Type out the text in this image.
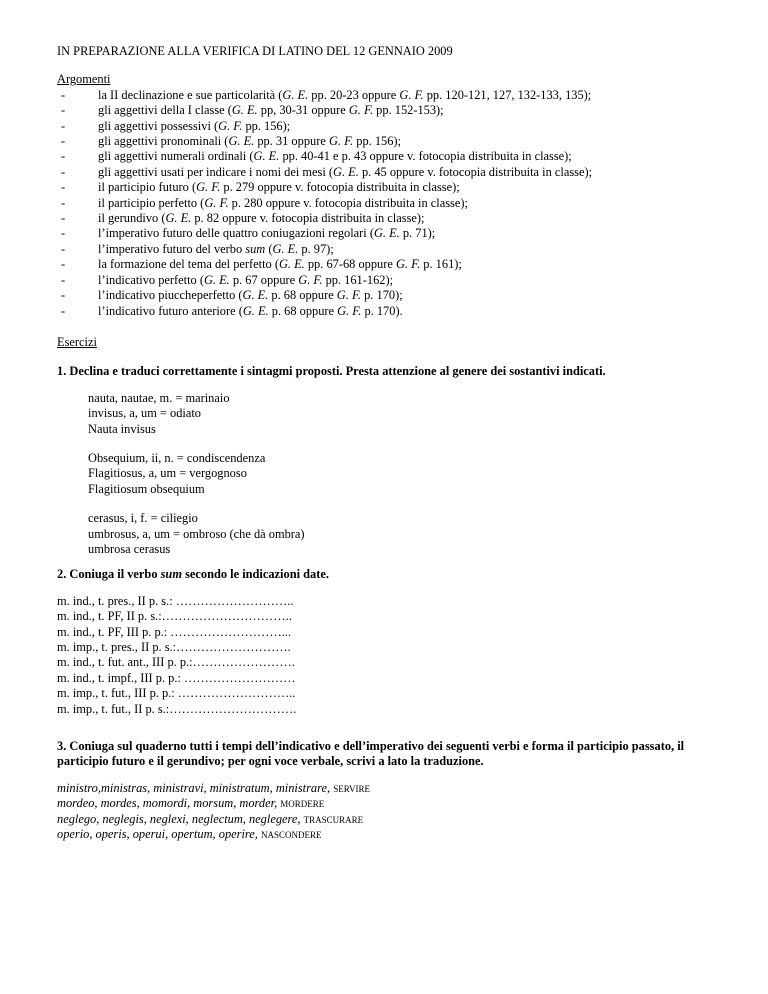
IN PREPARAZIONE ALLA VERIFICA DI LATINO DEL 12 GENNAIO 2009
Argomenti
-	la II declinazione e sue particolarità (G. E. pp. 20-23 oppure G. F. pp. 120-121, 127, 132-133, 135);
-	gli aggettivi della I classe (G. E. pp, 30-31 oppure G. F. pp. 152-153);
-	gli aggettivi possessivi (G. F. pp. 156);
-	gli aggettivi pronominali (G. E. pp. 31 oppure G. F. pp. 156);
-	gli aggettivi numerali ordinali (G. E. pp. 40-41 e p. 43 oppure v. fotocopia distribuita in classe);
-	gli aggettivi usati per indicare i nomi dei mesi (G. E. p. 45 oppure v. fotocopia distribuita in classe);
-	il participio futuro (G. F. p. 279 oppure v. fotocopia distribuita in classe);
-	il participio perfetto (G. F. p. 280 oppure v. fotocopia distribuita in classe);
-	il gerundivo (G. E. p. 82 oppure v. fotocopia distribuita in classe);
-	l’imperativo futuro delle quattro coniugazioni regolari (G. E. p. 71);
-	l’imperativo futuro del verbo sum (G. E. p. 97);
-	la formazione del tema del perfetto (G. E. pp. 67-68 oppure G. F. p. 161);
-	l’indicativo perfetto (G. E. p. 67 oppure G. F. pp. 161-162);
-	l’indicativo piuccheperfetto (G. E. p. 68 oppure G. F. p. 170);
-	l’indicativo futuro anteriore (G. E. p. 68 oppure G. F. p. 170).
Esercizi
1. Declina e traduci correttamente i sintagmi proposti. Presta attenzione al genere dei sostantivi indicati.
nauta, nautae, m. = marinaio
invisus, a, um = odiato
Nauta invisus
Obsequium, ii, n. = condiscendenza
Flagitiosus, a, um = vergognoso
Flagitiosum obsequium
cerasus, i, f. = ciliegio
umbrosus, a, um = ombroso (che dà ombra)
umbrosa cerasus
2. Coniuga il verbo sum secondo le indicazioni date.
m. ind., t. pres., II p. s.: ………………………..
m. ind., t. PF, II p. s.:…………………………..
m. ind., t. PF, III p. p.: ………………………...
m. imp., t. pres., II p. s.:……………………….
m. ind., t. fut. ant., III p. p.:…………………….
m. ind., t. impf., III p. p.: ………………………
m. imp., t. fut., III p. p.: ………………………..
m. imp., t. fut., II p. s.:………………………….
3. Coniuga sul quaderno tutti i tempi dell’indicativo e dell’imperativo dei seguenti verbi e forma il participio passato, il participio futuro e il gerundivo; per ogni voce verbale, scrivi a lato la traduzione.
ministro,ministras, ministravi, ministratum, ministrare, servire
mordeo, mordes, momordi, morsum, morder, mordere
neglego, neglegis, neglexi, neglectum, neglegere, trascurare
operio, operis, operui, opertum, operire, nascondere
